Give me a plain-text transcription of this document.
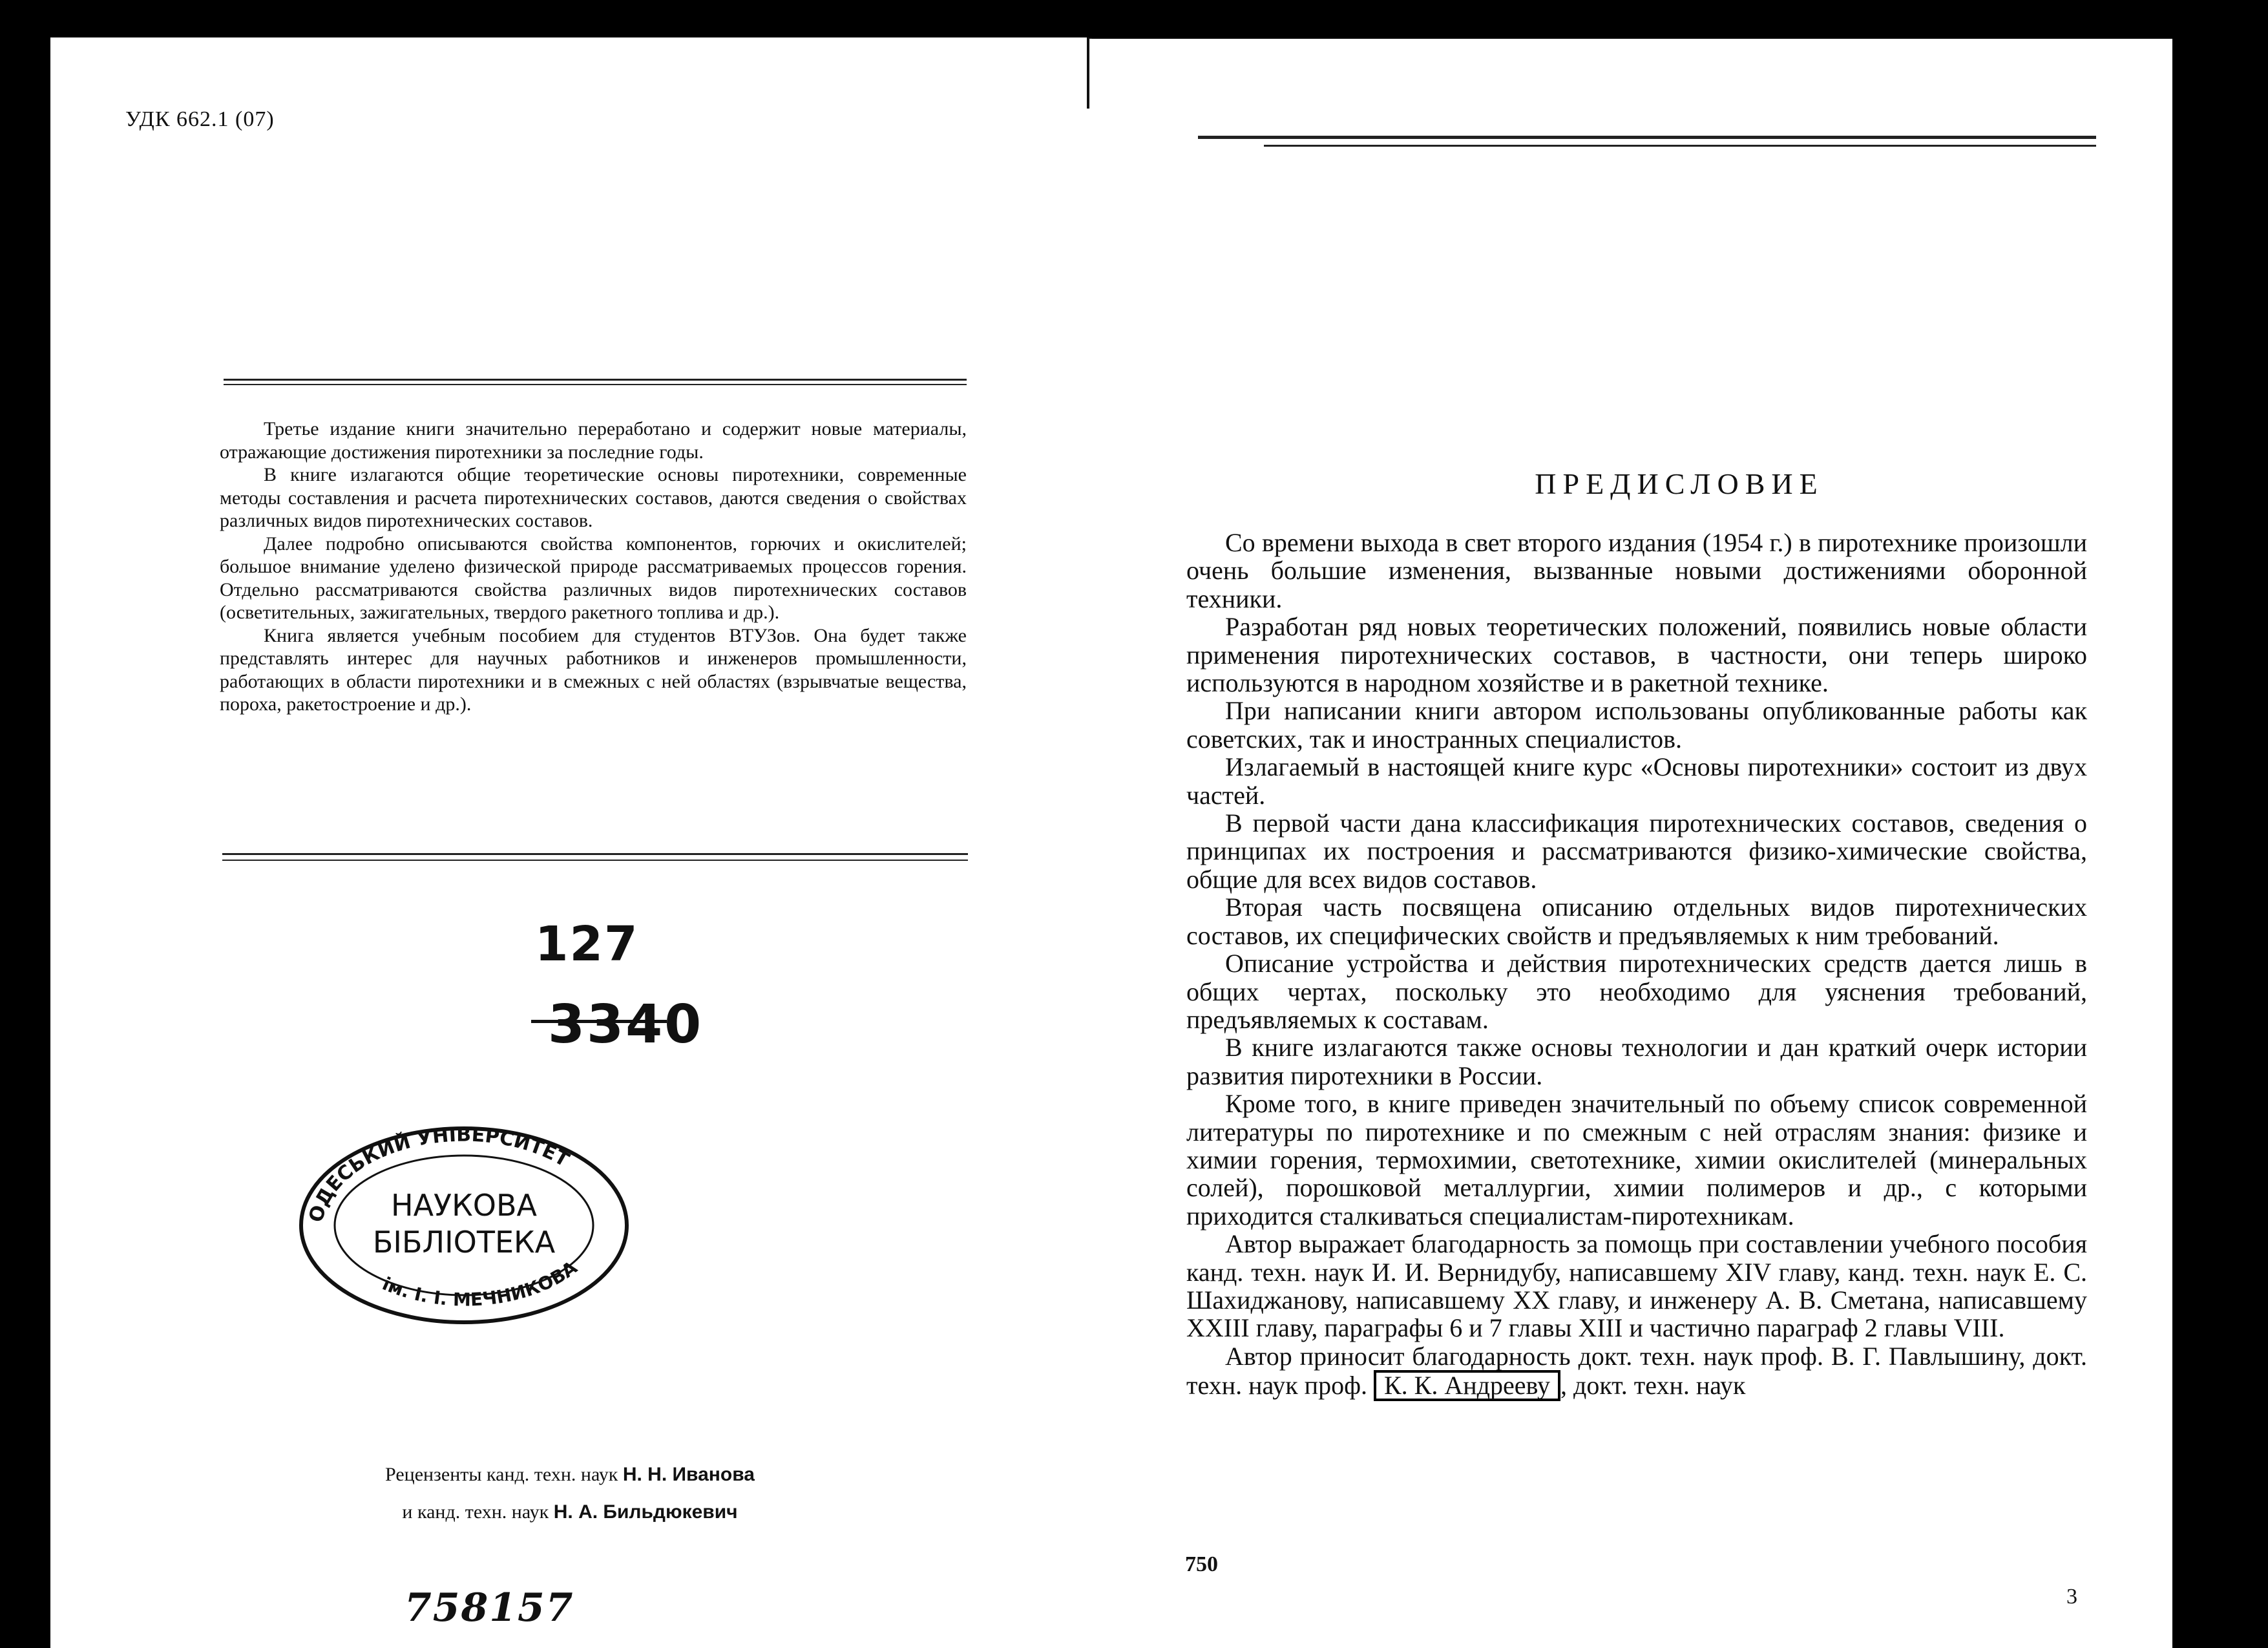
УДК 662.1 (07)

Третье издание книги значительно переработано и содержит новые материалы, отражающие достижения пиротехники за последние годы.

В книге излагаются общие теоретические основы пиротехники, современные методы составления и расчета пиротехнических составов, даются сведения о свойствах различных видов пиротехнических составов.

Далее подробно описываются свойства компонентов, горючих и окислителей; большое внимание уделено физической природе рассматриваемых процессов горения. Отдельно рассматриваются свойства различных видов пиротехнических составов (осветительных, зажигательных, твердого ракетного топлива и др.).

Книга является учебным пособием для студентов ВТУЗов. Она будет также представлять интерес для научных работников и инженеров промышленности, работающих в области пиротехники и в смежных с ней областях (взрывчатые вещества, пороха, ракетостроение и др.).

127
3340
ОДЕСЬКИЙ УНІВЕРСИТЕТ
ім. І. І. МЕЧНИКОВА
НАУКОВА
БІБЛІОТЕКА
Рецензенты канд. техн. наук Н. Н. Иванова
и канд. техн. наук Н. А. Бильдюкевич
758157
ПРЕДИСЛОВИЕ

Со времени выхода в свет второго издания (1954 г.) в пиротехнике произошли очень большие изменения, вызванные новыми достижениями оборонной техники.

Разработан ряд новых теоретических положений, появились новые области применения пиротехнических составов, в частности, они теперь широко используются в народном хозяйстве и в ракетной технике.

При написании книги автором использованы опубликованные работы как советских, так и иностранных специалистов.

Излагаемый в настоящей книге курс «Основы пиротехники» состоит из двух частей.

В первой части дана классификация пиротехнических составов, сведения о принципах их построения и рассматриваются физико-химические свойства, общие для всех видов составов.

Вторая часть посвящена описанию отдельных видов пиротехнических составов, их специфических свойств и предъявляемых к ним требований.

Описание устройства и действия пиротехнических средств дается лишь в общих чертах, поскольку это необходимо для уяснения требований, предъявляемых к составам.

В книге излагаются также основы технологии и дан краткий очерк истории развития пиротехники в России.

Кроме того, в книге приведен значительный по объему список современной литературы по пиротехнике и по смежным с ней отраслям знания: физике и химии горения, термохимии, светотехнике, химии окислителей (минеральных солей), порошковой металлургии, химии полимеров и др., с которыми приходится сталкиваться специалистам-пиротехникам.

Автор выражает благодарность за помощь при составлении учебного пособия канд. техн. наук И. И. Вернидубу, написавшему XIV главу, канд. техн. наук Е. С. Шахиджанову, написавшему XX главу, и инженеру А. В. Сметана, написавшему XXIII главу, параграфы 6 и 7 главы XIII и частично параграф 2 главы VIII.

Автор приносит благодарность докт. техн. наук проф. В. Г. Павлышину, докт. техн. наук проф. К. К. Андрееву , докт. техн. наук

750
3
